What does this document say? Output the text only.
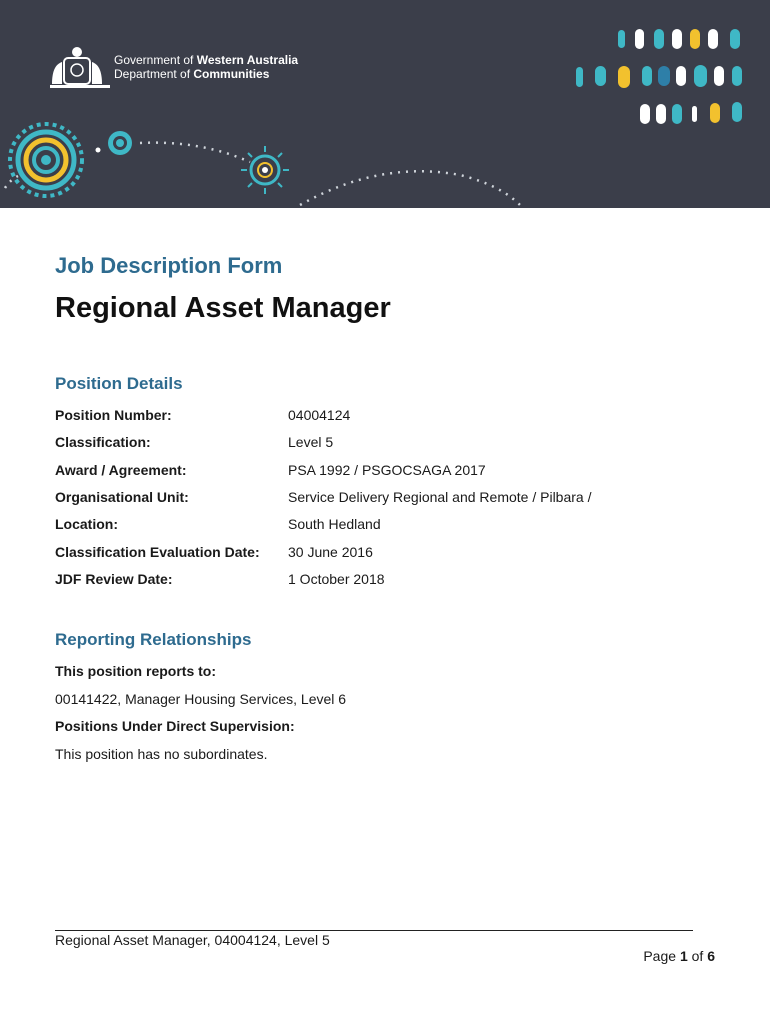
Government of Western Australia
Department of Communities
Job Description Form
Regional Asset Manager
Position Details
Position Number:	04004124
Classification:	Level 5
Award / Agreement:	PSA 1992 / PSGOCSAGA 2017
Organisational Unit:	Service Delivery Regional and Remote / Pilbara /
Location:	South Hedland
Classification Evaluation Date: 30 June 2016
JDF Review Date:	1 October 2018
Reporting Relationships
This position reports to:
00141422, Manager Housing Services, Level 6
Positions Under Direct Supervision:
This position has no subordinates.
Regional Asset Manager, 04004124, Level 5
Page 1 of 6
